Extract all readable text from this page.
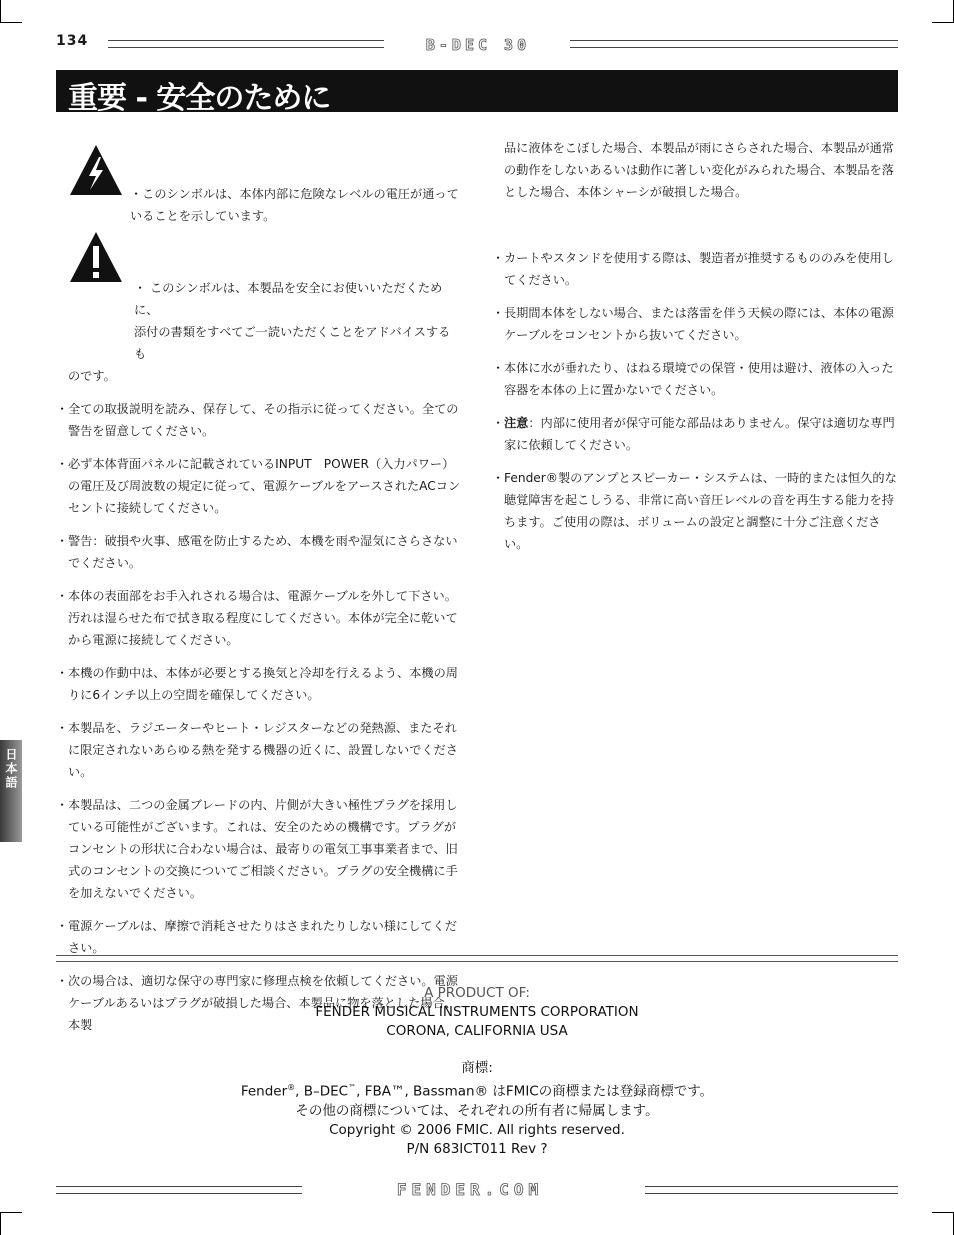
134	B-DEC 30
重要 - 安全のために
日本語

・このシンボルは、本体内部に危険なレベルの電圧が通っていることを示しています。

・ このシンボルは、本製品を安全にお使いいただくために、

添付の書類をすべてご一読いただくことをアドバイスするも

のです。

・ 全ての取扱説明を読み、保存して、その指示に従ってください。全ての警告を留意してください。
・ 必ず本体背面パネルに記載されているINPUT　POWER（入力パワー）の電圧及び周波数の規定に従って、電源ケーブルをアースされたACコンセントに接続してください。
・ 警告：破損や火事、感電を防止するため、本機を雨や湿気にさらさないでください。
・ 本体の表面部をお手入れされる場合は、電源ケーブルを外して下さい。汚れは湿らせた布で拭き取る程度にしてください。本体が完全に乾いてから電源に接続してください。
・ 本機の作動中は、本体が必要とする換気と冷却を行えるよう、本機の周りに6インチ以上の空間を確保してください。
・ 本製品を、ラジエーターやヒート・レジスターなどの発熱源、またそれに限定されないあらゆる熱を発する機器の近くに、設置しないでください。
・ 本製品は、二つの金属ブレードの内、片側が大きい極性プラグを採用している可能性がございます。これは、安全のための機構です。プラグがコンセントの形状に合わない場合は、最寄りの電気工事事業者まで、旧式のコンセントの交換についてご相談ください。プラグの安全機構に手を加えないでください。
・ 電源ケーブルは、摩擦で消耗させたりはさまれたりしない様にしてください。
・ 次の場合は、適切な保守の専門家に修理点検を依頼してください。電源ケーブルあるいはプラグが破損した場合、本製品に物を落とした場合、本製

品に液体をこぼした場合、本製品が雨にさらされた場合、本製品が通常の動作をしないあるいは動作に著しい変化がみられた場合、本製品を落とした場合、本体シャーシが破損した場合。

・ カートやスタンドを使用する際は、製造者が推奨するもののみを使用してください。
・ 長期間本体をしない場合、または落雷を伴う天候の際には、本体の電源ケーブルをコンセントから抜いてください。
・ 本体に水が垂れたり、はねる環境での保管・使用は避け、液体の入った容器を本体の上に置かないでください。
・ 注意：内部に使用者が保守可能な部品はありません。保守は適切な専門家に依頼してください。
・ Fender®製のアンプとスピーカー・システムは、一時的または恒久的な聴覚障害を起こしうる、非常に高い音圧レベルの音を再生する能力を持ちます。ご使用の際は、ボリュームの設定と調整に十分ご注意ください。
A PRODUCT OF:
FENDER MUSICAL INSTRUMENTS CORPORATION
CORONA, CALIFORNIA USA
商標:
Fender®, B–DEC™, FBA™, Bassman® はFMICの商標または登録商標です。
その他の商標については、それぞれの所有者に帰属します。
Copyright © 2006 FMIC. All rights reserved.
P/N 683ICT011 Rev ?
FENDER.COM
